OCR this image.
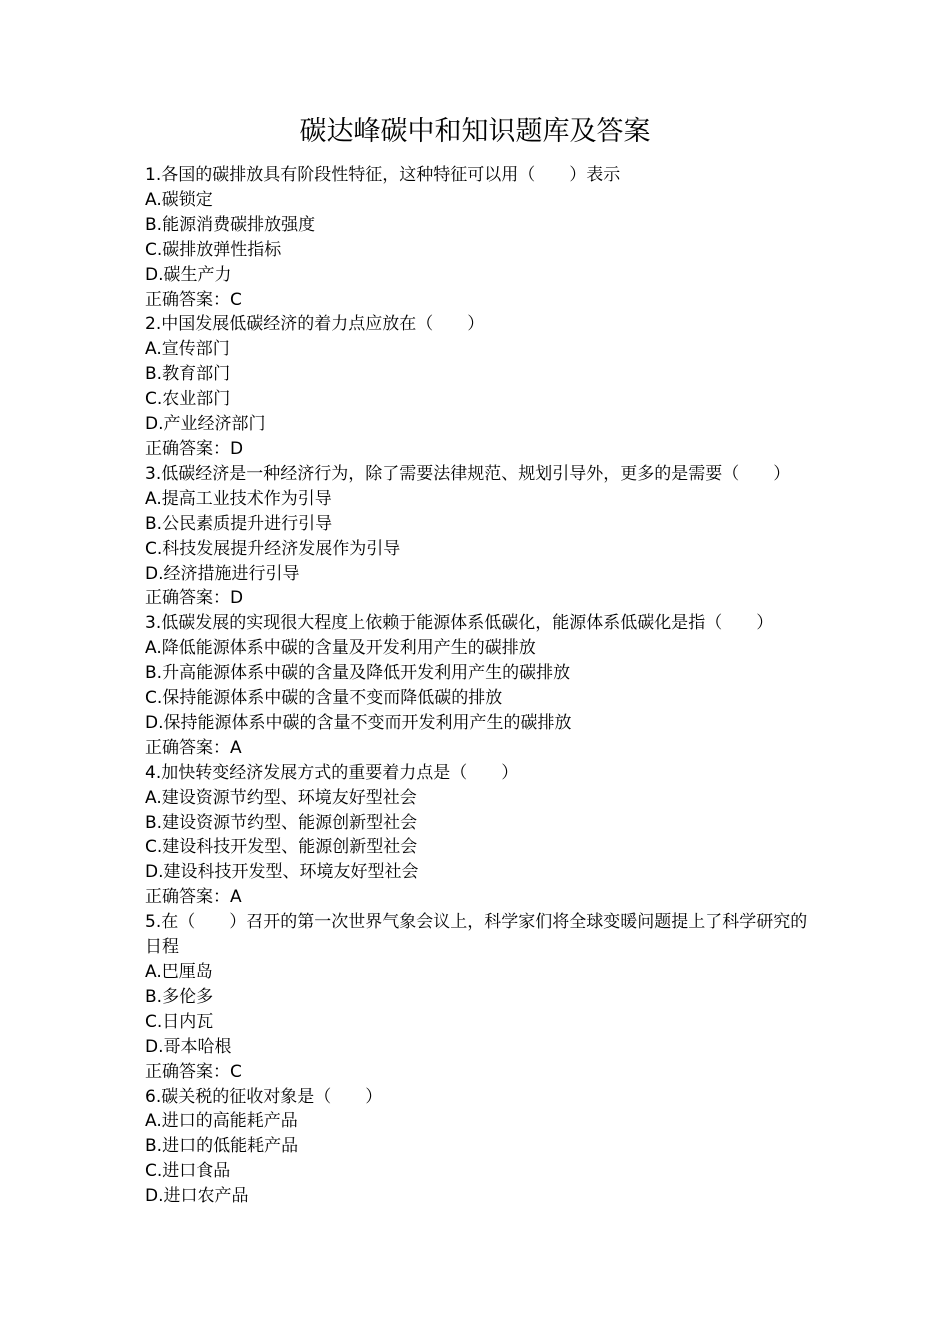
碳达峰碳中和知识题库及答案
1.各国的碳排放具有阶段性特征，这种特征可以用（　　）表示
A.碳锁定
B.能源消费碳排放强度
C.碳排放弹性指标
D.碳生产力
正确答案：C
2.中国发展低碳经济的着力点应放在（　　）
A.宣传部门
B.教育部门
C.农业部门
D.产业经济部门
正确答案：D
3.低碳经济是一种经济行为，除了需要法律规范、规划引导外，更多的是需要（　　）
A.提高工业技术作为引导
B.公民素质提升进行引导
C.科技发展提升经济发展作为引导
D.经济措施进行引导
正确答案：D
3.低碳发展的实现很大程度上依赖于能源体系低碳化，能源体系低碳化是指（　　）
A.降低能源体系中碳的含量及开发利用产生的碳排放
B.升高能源体系中碳的含量及降低开发利用产生的碳排放
C.保持能源体系中碳的含量不变而降低碳的排放
D.保持能源体系中碳的含量不变而开发利用产生的碳排放
正确答案：A
4.加快转变经济发展方式的重要着力点是（　　）
A.建设资源节约型、环境友好型社会
B.建设资源节约型、能源创新型社会
C.建设科技开发型、能源创新型社会
D.建设科技开发型、环境友好型社会
正确答案：A
5.在（　　）召开的第一次世界气象会议上，科学家们将全球变暖问题提上了科学研究的日程
A.巴厘岛
B.多伦多
C.日内瓦
D.哥本哈根
正确答案：C
6.碳关税的征收对象是（　　）
A.进口的高能耗产品
B.进口的低能耗产品
C.进口食品
D.进口农产品
